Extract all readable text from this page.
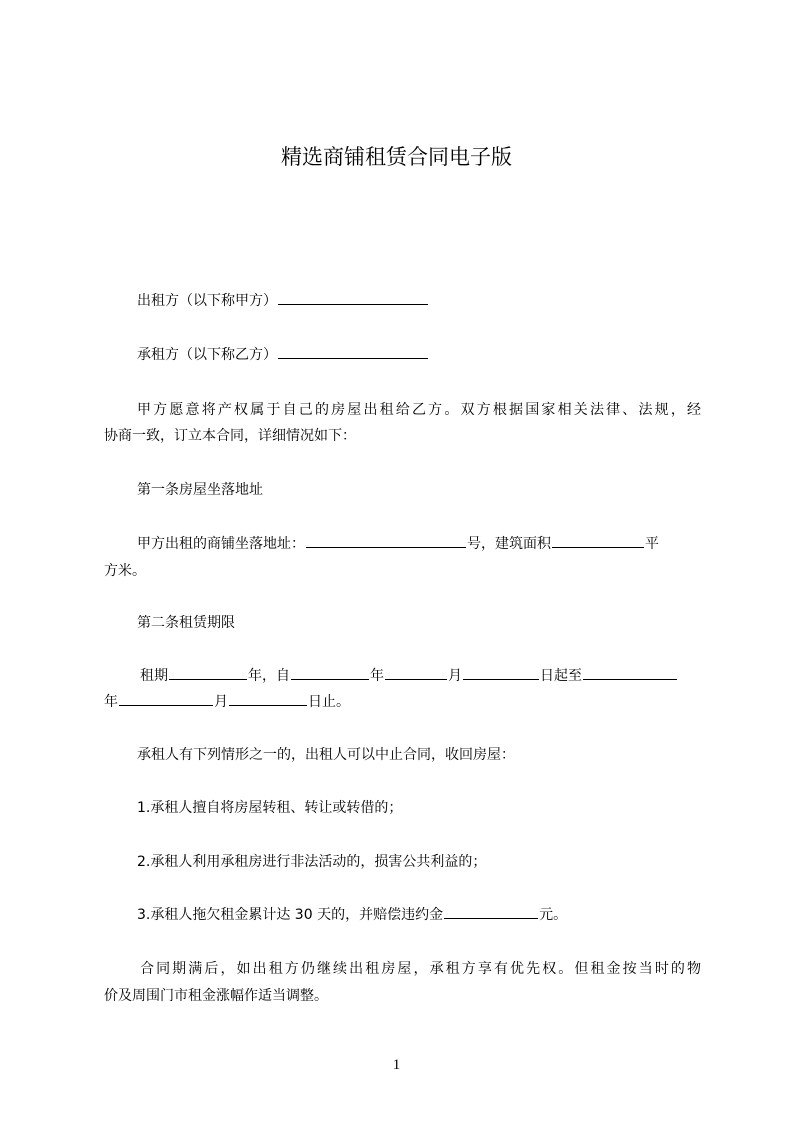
精选商铺租赁合同电子版
出租方（以下称甲方）
承租方（以下称乙方）
甲方愿意将产权属于自己的房屋出租给乙方。双方根据国家相关法律、法规，经
协商一致，订立本合同，详细情况如下：
第一条房屋坐落地址
甲方出租的商铺坐落地址：	号，建筑面积	平
方米。
第二条租赁期限
租期	年，自	年	月	日起至
年	月	日止。
承租人有下列情形之一的，出租人可以中止合同，收回房屋：
1.承租人擅自将房屋转租、转让或转借的；
2.承租人利用承租房进行非法活动的，损害公共利益的；
3.承租人拖欠租金累计达 30 天的，并赔偿违约金	元。
合同期满后，如出租方仍继续出租房屋，承租方享有优先权。但租金按当时的物
价及周围门市租金涨幅作适当调整。
1
